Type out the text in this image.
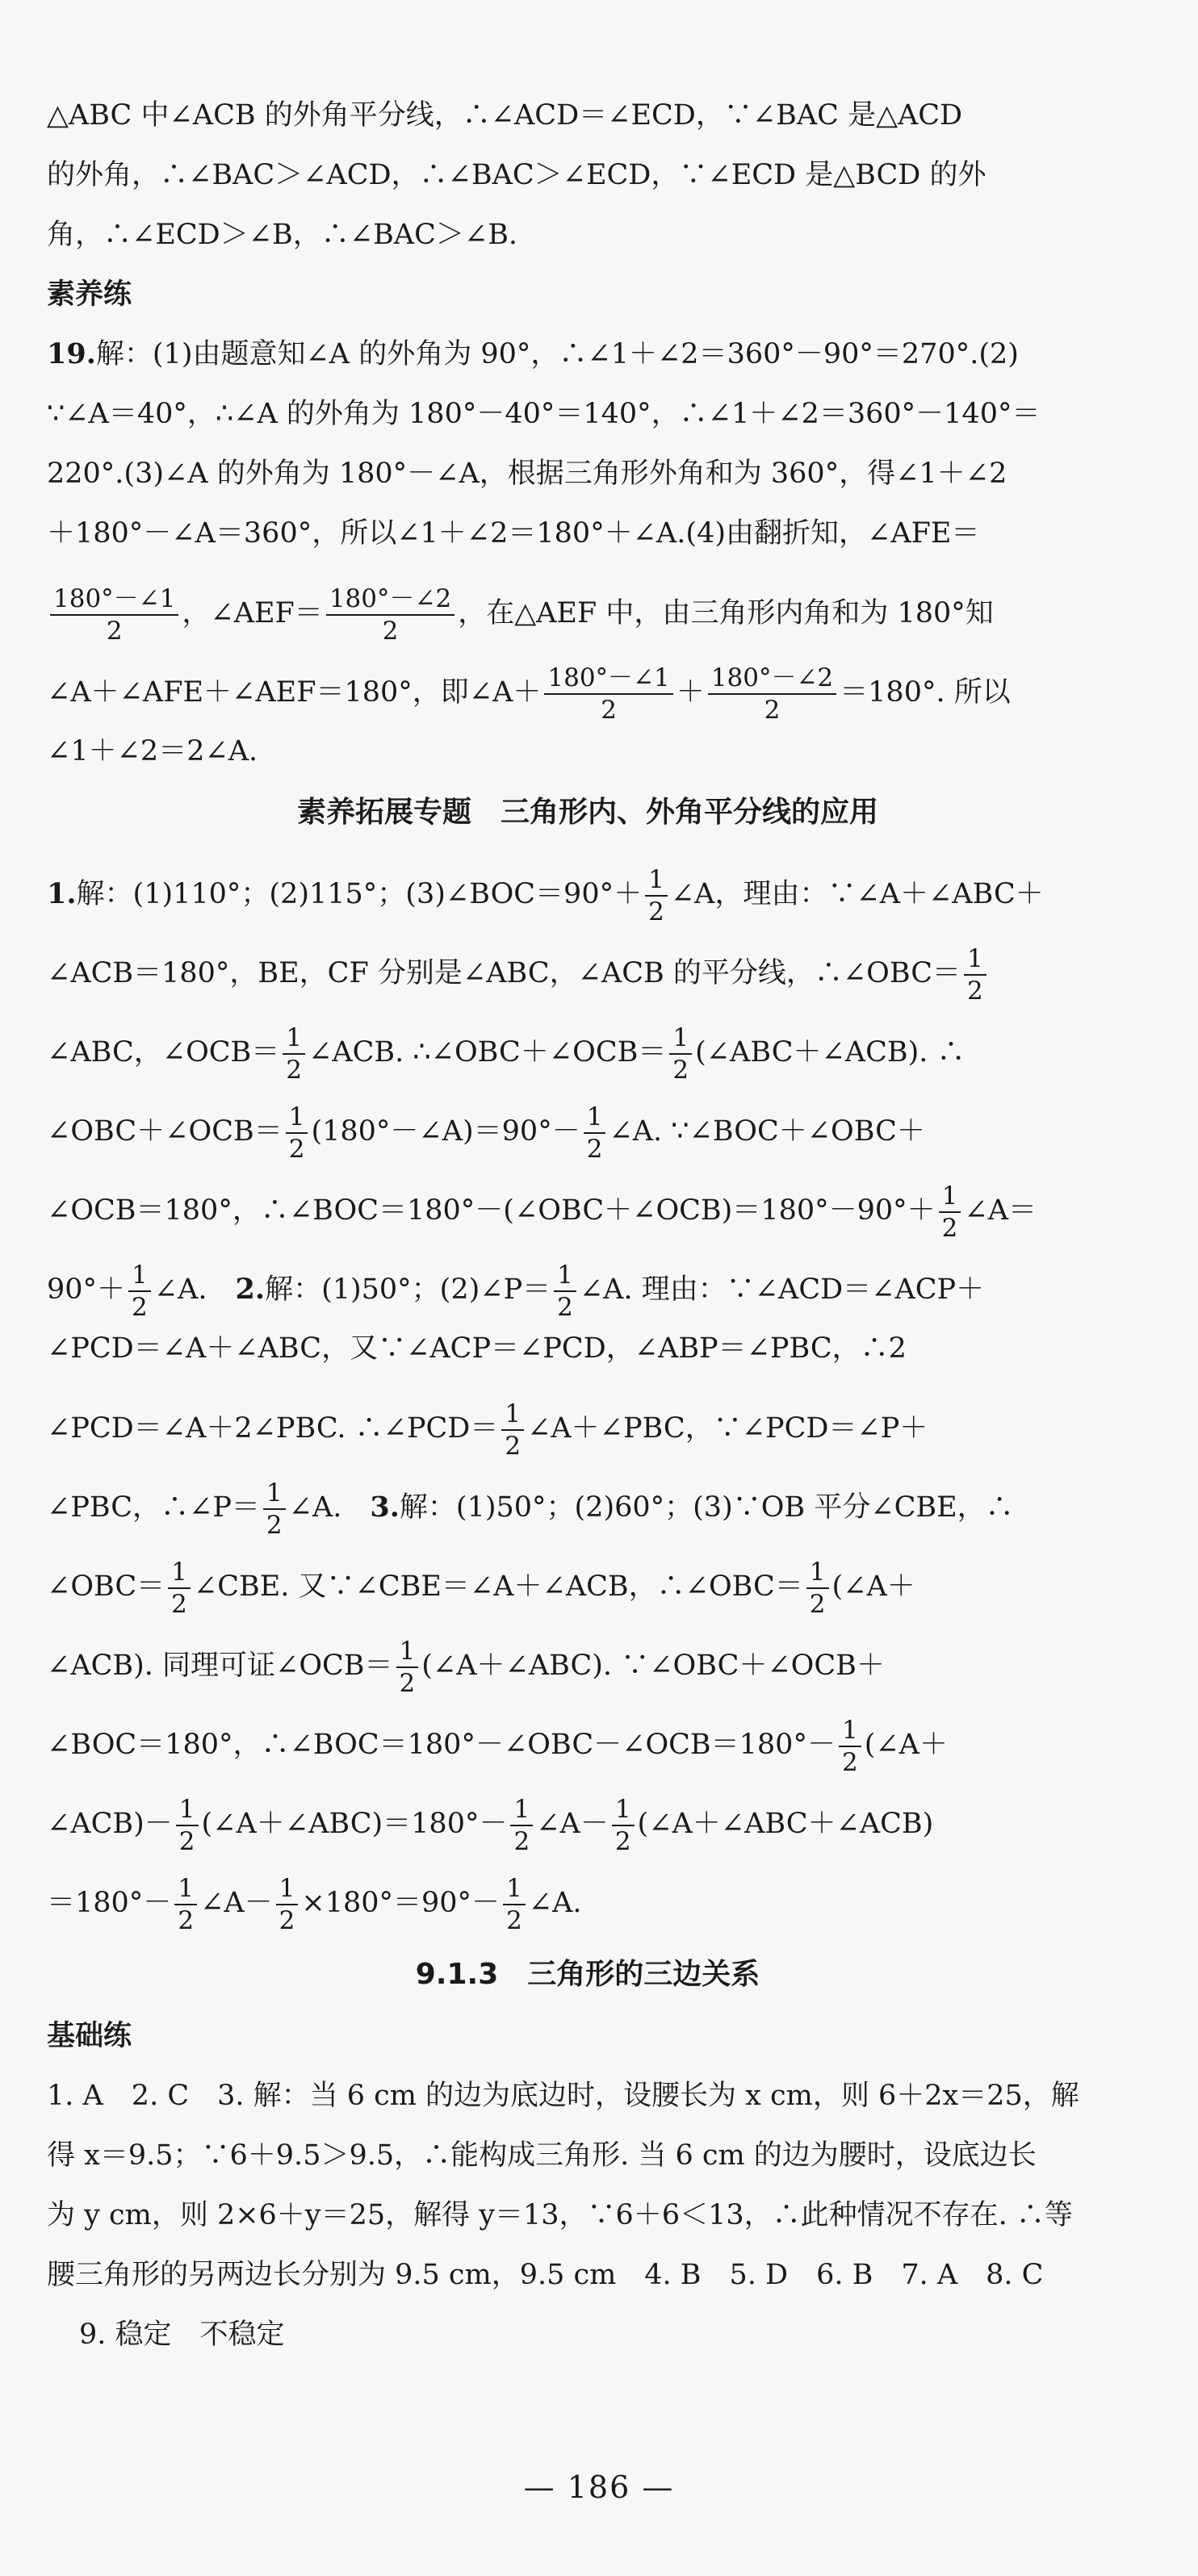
△ABC 中∠ACB 的外角平分线，∴∠ACD＝∠ECD，∵∠BAC 是△ACD
的外角，∴∠BAC＞∠ACD，∴∠BAC＞∠ECD，∵∠ECD 是△BCD 的外
角，∴∠ECD＞∠B，∴∠BAC＞∠B.
素养练
19.解：(1)由题意知∠A 的外角为 90°，∴∠1＋∠2＝360°－90°＝270°.(2)
∵∠A＝40°，∴∠A 的外角为 180°－40°＝140°，∴∠1＋∠2＝360°－140°＝
220°.(3)∠A 的外角为 180°－∠A，根据三角形外角和为 360°，得∠1＋∠2
＋180°－∠A＝360°，所以∠1＋∠2＝180°＋∠A.(4)由翻折知，∠AFE＝
$\frac{180^\circ-\angle 1}{2}$ ，∠AEF＝ $\frac{180^\circ-\angle 2}{2}$ ，在△AEF 中，由三角形内角和为 180°知
∠A＋∠AFE＋∠AEF＝180°，即∠A＋ $\frac{180^\circ-\angle 1}{2} + \frac{180^\circ-\angle 2}{2} =180^\circ$. 所以
∠1＋∠2＝2∠A.
素养拓展专题　三角形内、外角平分线的应用
1.解：(1)110°；(2)115°；(3)∠BOC＝90°＋ $\frac{1}{2}$ ∠A，理由：∵∠A＋∠ABC＋
∠ACB＝180°，BE，CF 分别是∠ABC，∠ACB 的平分线，∴∠OBC＝ $\frac{1}{2}$
∠ABC，∠OCB＝ $\frac{1}{2}$ ∠ACB. ∴∠OBC＋∠OCB＝ $\frac{1}{2}$ (∠ABC＋∠ACB). ∴
∠OBC＋∠OCB＝ $\frac{1}{2}$ (180°－∠A)＝90°－ $\frac{1}{2}$ ∠A. ∵∠BOC＋∠OBC＋
∠OCB＝180°，∴∠BOC＝180°－(∠OBC＋∠OCB)＝180°－90°＋ $\frac{1}{2}$ ∠A＝
$90^\circ+ \frac{1}{2}$ ∠A.  2.解：(1)50°；(2)∠P＝ $\frac{1}{2}$ ∠A. 理由：∵∠ACD＝∠ACP＋
∠PCD＝∠A＋∠ABC，又∵∠ACP＝∠PCD，∠ABP＝∠PBC，∴2
∠PCD＝∠A＋2∠PBC. ∴∠PCD＝ $\frac{1}{2}$ ∠A＋∠PBC，∵∠PCD＝∠P＋
∠PBC，∴∠P＝ $\frac{1}{2}$ ∠A.  3.解：(1)50°；(2)60°；(3)∵OB 平分∠CBE，∴
∠OBC＝ $\frac{1}{2}$ ∠CBE. 又∵∠CBE＝∠A＋∠ACB，∴∠OBC＝ $\frac{1}{2}$ (∠A＋
∠ACB). 同理可证∠OCB＝ $\frac{1}{2}$ (∠A＋∠ABC). ∵∠OBC＋∠OCB＋
∠BOC＝180°，∴∠BOC＝180°－∠OBC－∠OCB＝180°－ $\frac{1}{2}$ (∠A＋
∠ACB)－ $\frac{1}{2}$ (∠A＋∠ABC)＝180°－ $\frac{1}{2}$ ∠A－ $\frac{1}{2}$ (∠A＋∠ABC＋∠ACB)
$=180^\circ- \frac{1}{2}$ ∠A－ $\frac{1}{2} \times 180^\circ=90^\circ- \frac{1}{2}$ ∠A.
9.1.3　三角形的三边关系
基础练
1. A　2. C　3. 解：当 6 cm 的边为底边时，设腰长为 x cm，则 6＋2x＝25，解
得 x＝9.5；∵6＋9.5＞9.5，∴能构成三角形. 当 6 cm 的边为腰时，设底边长
为 y cm，则 2×6＋y＝25，解得 y＝13，∵6＋6＜13，∴此种情况不存在. ∴等
腰三角形的另两边长分别为 9.5 cm，9.5 cm　4. B　5. D　6. B　7. A　8. C
9. 稳定　不稳定
— 186 —
